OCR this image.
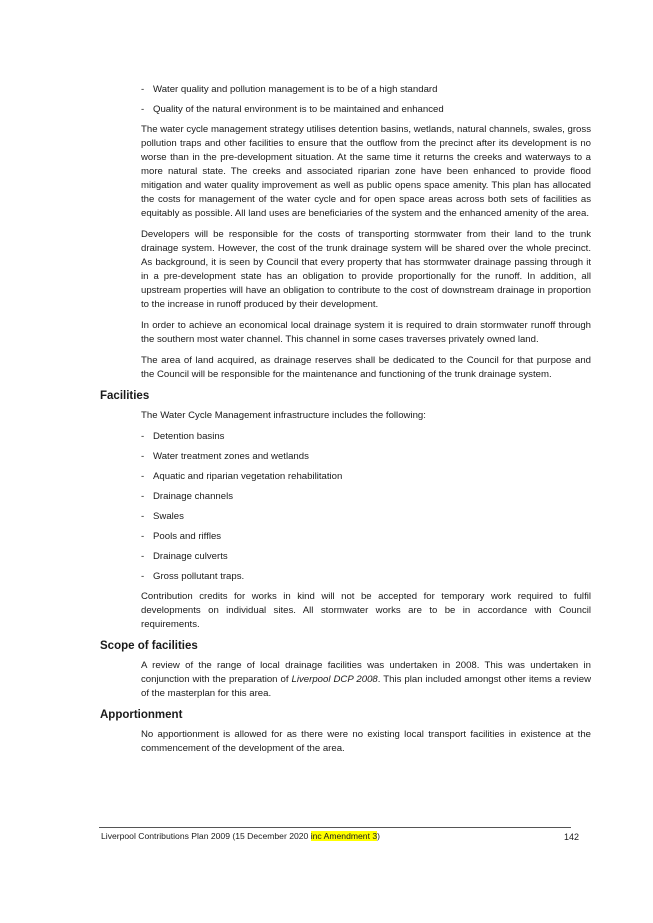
- Water quality and pollution management is to be of a high standard
- Quality of the natural environment is to be maintained and enhanced

The water cycle management strategy utilises detention basins, wetlands, natural channels, swales, gross pollution traps and other facilities to ensure that the outflow from the precinct after its development is no worse than in the pre-development situation. At the same time it returns the creeks and waterways to a more natural state. The creeks and associated riparian zone have been enhanced to provide flood mitigation and water quality improvement as well as public opens space amenity. This plan has allocated the costs for management of the water cycle and for open space areas across both sets of facilities as equitably as possible. All land uses are beneficiaries of the system and the enhanced amenity of the area.

Developers will be responsible for the costs of transporting stormwater from their land to the trunk drainage system. However, the cost of the trunk drainage system will be shared over the whole precinct. As background, it is seen by Council that every property that has stormwater drainage passing through it in a pre-development state has an obligation to provide proportionally for the runoff. In addition, all upstream properties will have an obligation to contribute to the cost of downstream drainage in proportion to the increase in runoff produced by their development.

In order to achieve an economical local drainage system it is required to drain stormwater runoff through the southern most water channel. This channel in some cases traverses privately owned land.

The area of land acquired, as drainage reserves shall be dedicated to the Council for that purpose and the Council will be responsible for the maintenance and functioning of the trunk drainage system.

Facilities

The Water Cycle Management infrastructure includes the following:

- Detention basins
- Water treatment zones and wetlands
- Aquatic and riparian vegetation rehabilitation
- Drainage channels
- Swales
- Pools and riffles
- Drainage culverts
- Gross pollutant traps.

Contribution credits for works in kind will not be accepted for temporary work required to fulfil developments on individual sites. All stormwater works are to be in accordance with Council requirements.

Scope of facilities

A review of the range of local drainage facilities was undertaken in 2008. This was undertaken in conjunction with the preparation of Liverpool DCP 2008. This plan included amongst other items a review of the masterplan for this area.

Apportionment

No apportionment is allowed for as there were no existing local transport facilities in existence at the commencement of the development of the area.

Liverpool Contributions Plan 2009 (15 December 2020 inc Amendment 3)	142
